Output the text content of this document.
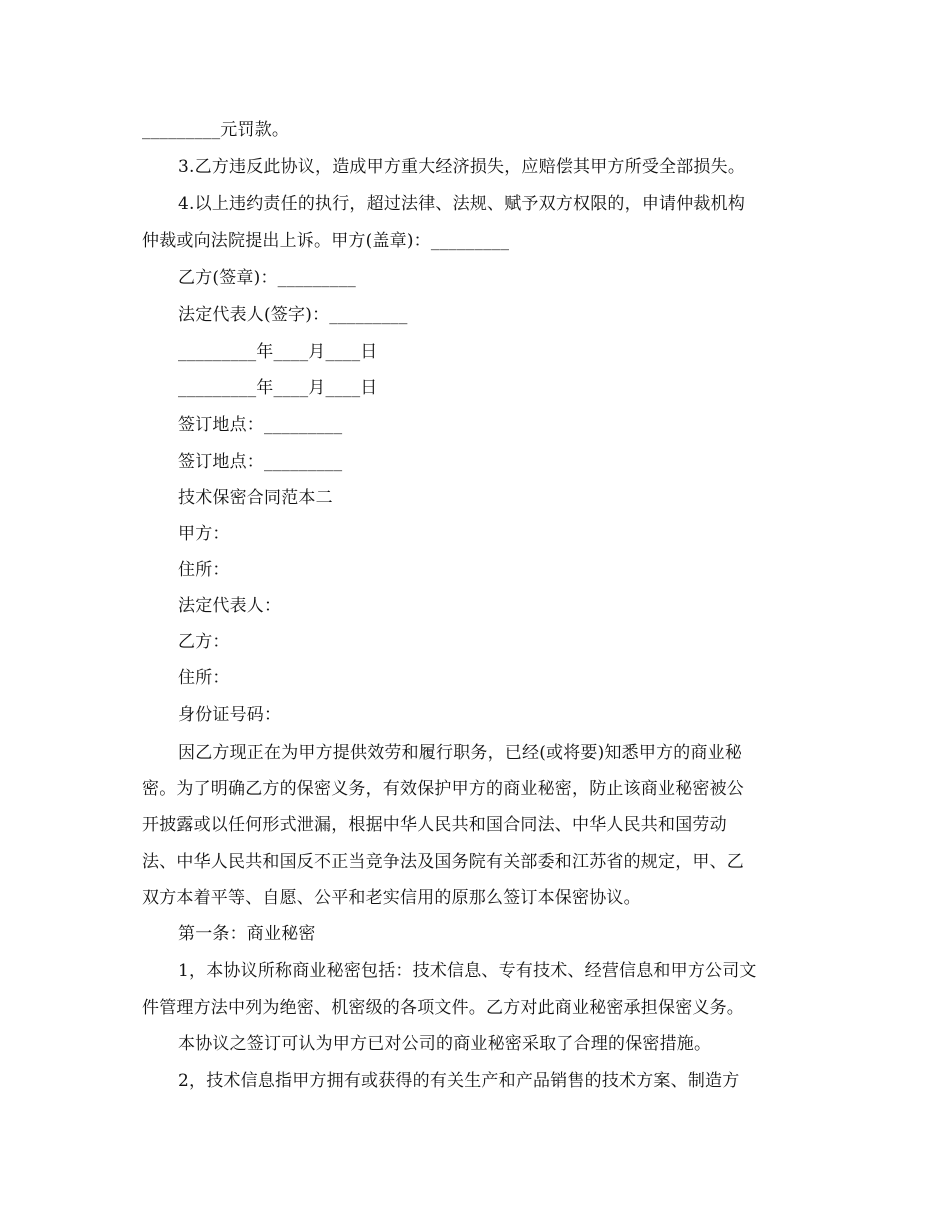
_________元罚款。
3.乙方违反此协议，造成甲方重大经济损失，应赔偿其甲方所受全部损失。
4.以上违约责任的执行，超过法律、法规、赋予双方权限的，申请仲裁机构
仲裁或向法院提出上诉。甲方(盖章)：_________
乙方(签章)：_________
法定代表人(签字)：_________
_________年____月____日
_________年____月____日
签订地点：_________
签订地点：_________
技术保密合同范本二
甲方：
住所：
法定代表人：
乙方：
住所：
身份证号码：
因乙方现正在为甲方提供效劳和履行职务，已经(或将要)知悉甲方的商业秘
密。为了明确乙方的保密义务，有效保护甲方的商业秘密，防止该商业秘密被公
开披露或以任何形式泄漏，根据中华人民共和国合同法、中华人民共和国劳动
法、中华人民共和国反不正当竞争法及国务院有关部委和江苏省的规定，甲、乙
双方本着平等、自愿、公平和老实信用的原那么签订本保密协议。
第一条：商业秘密
1，本协议所称商业秘密包括：技术信息、专有技术、经营信息和甲方公司文
件管理方法中列为绝密、机密级的各项文件。乙方对此商业秘密承担保密义务。
本协议之签订可认为甲方已对公司的商业秘密采取了合理的保密措施。
2，技术信息指甲方拥有或获得的有关生产和产品销售的技术方案、制造方
